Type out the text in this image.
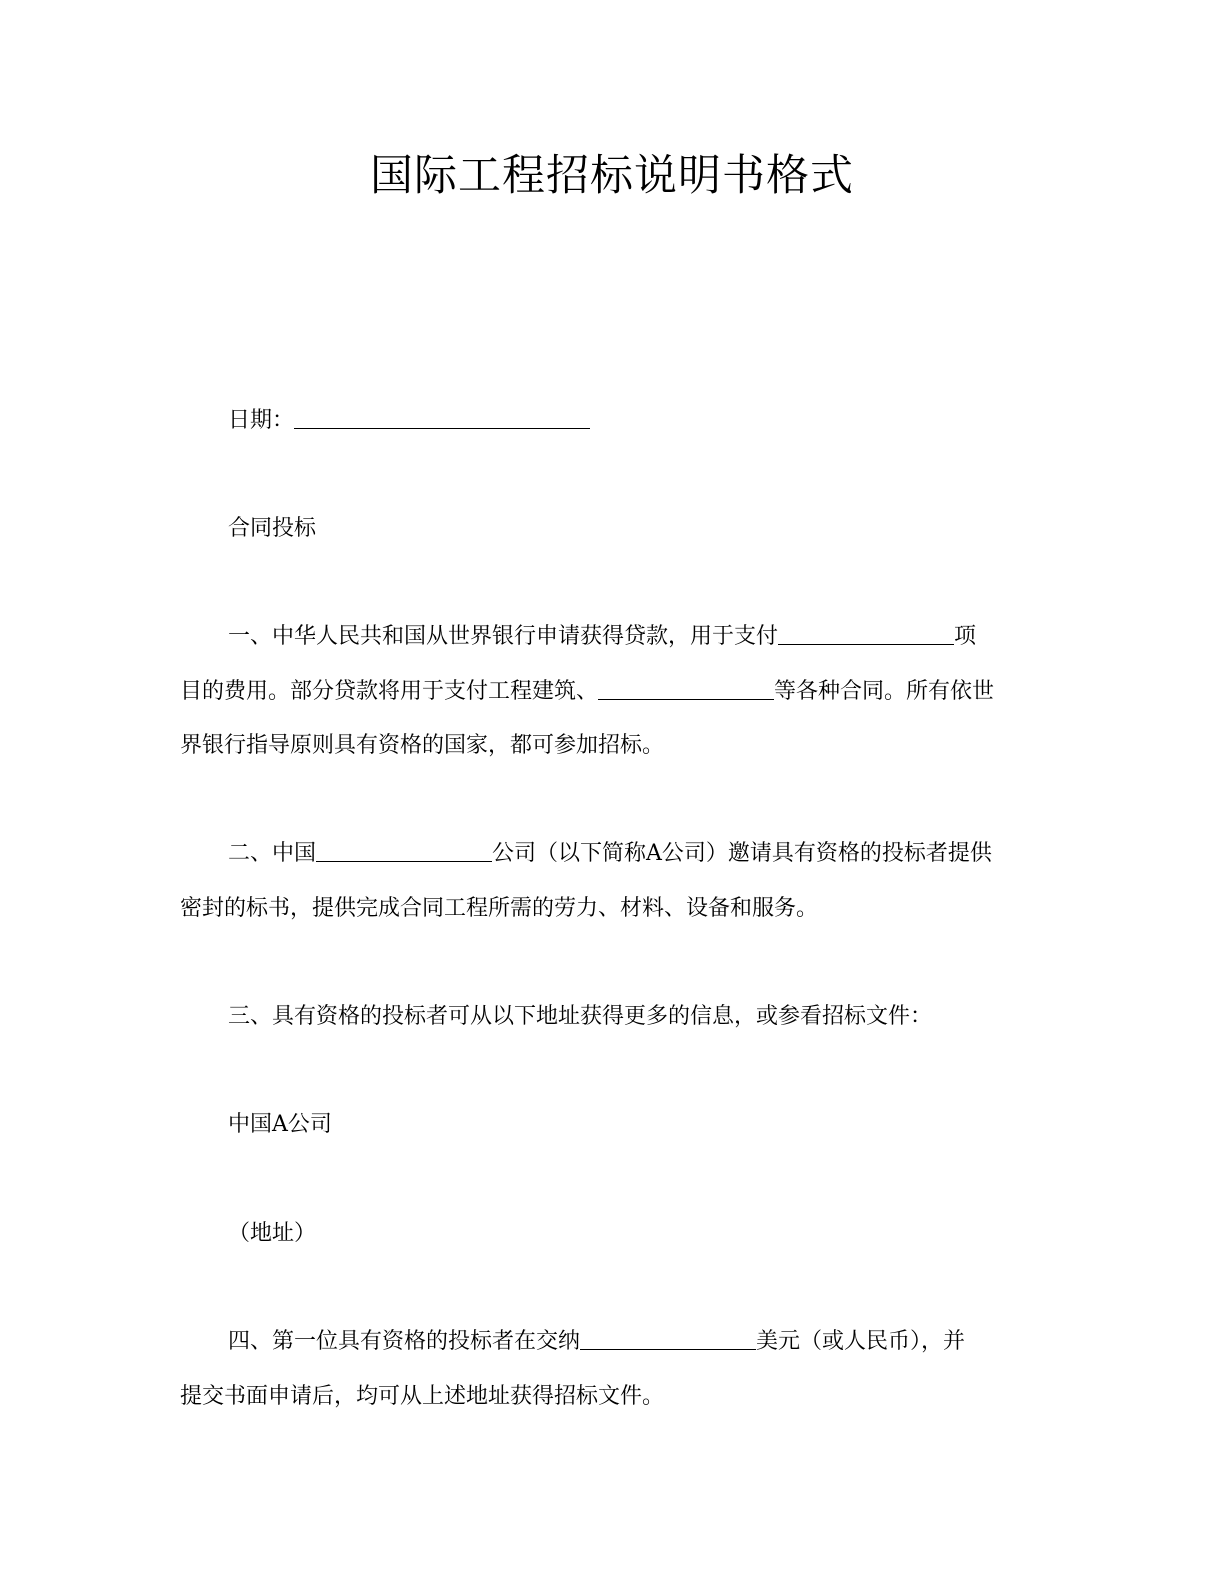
国际工程招标说明书格式
日期：
合同投标
一、中华人民共和国从世界银行申请获得贷款，用于支付	项
目的费用。部分贷款将用于支付工程建筑、	等各种合同。所有依世
界银行指导原则具有资格的国家，都可参加招标。
二、中国	公司（以下简称A公司）邀请具有资格的投标者提供
密封的标书，提供完成合同工程所需的劳力、材料、设备和服务。
三、具有资格的投标者可从以下地址获得更多的信息，或参看招标文件：
中国A公司
（地址）
四、第一位具有资格的投标者在交纳	美元（或人民币），并
提交书面申请后，均可从上述地址获得招标文件。
